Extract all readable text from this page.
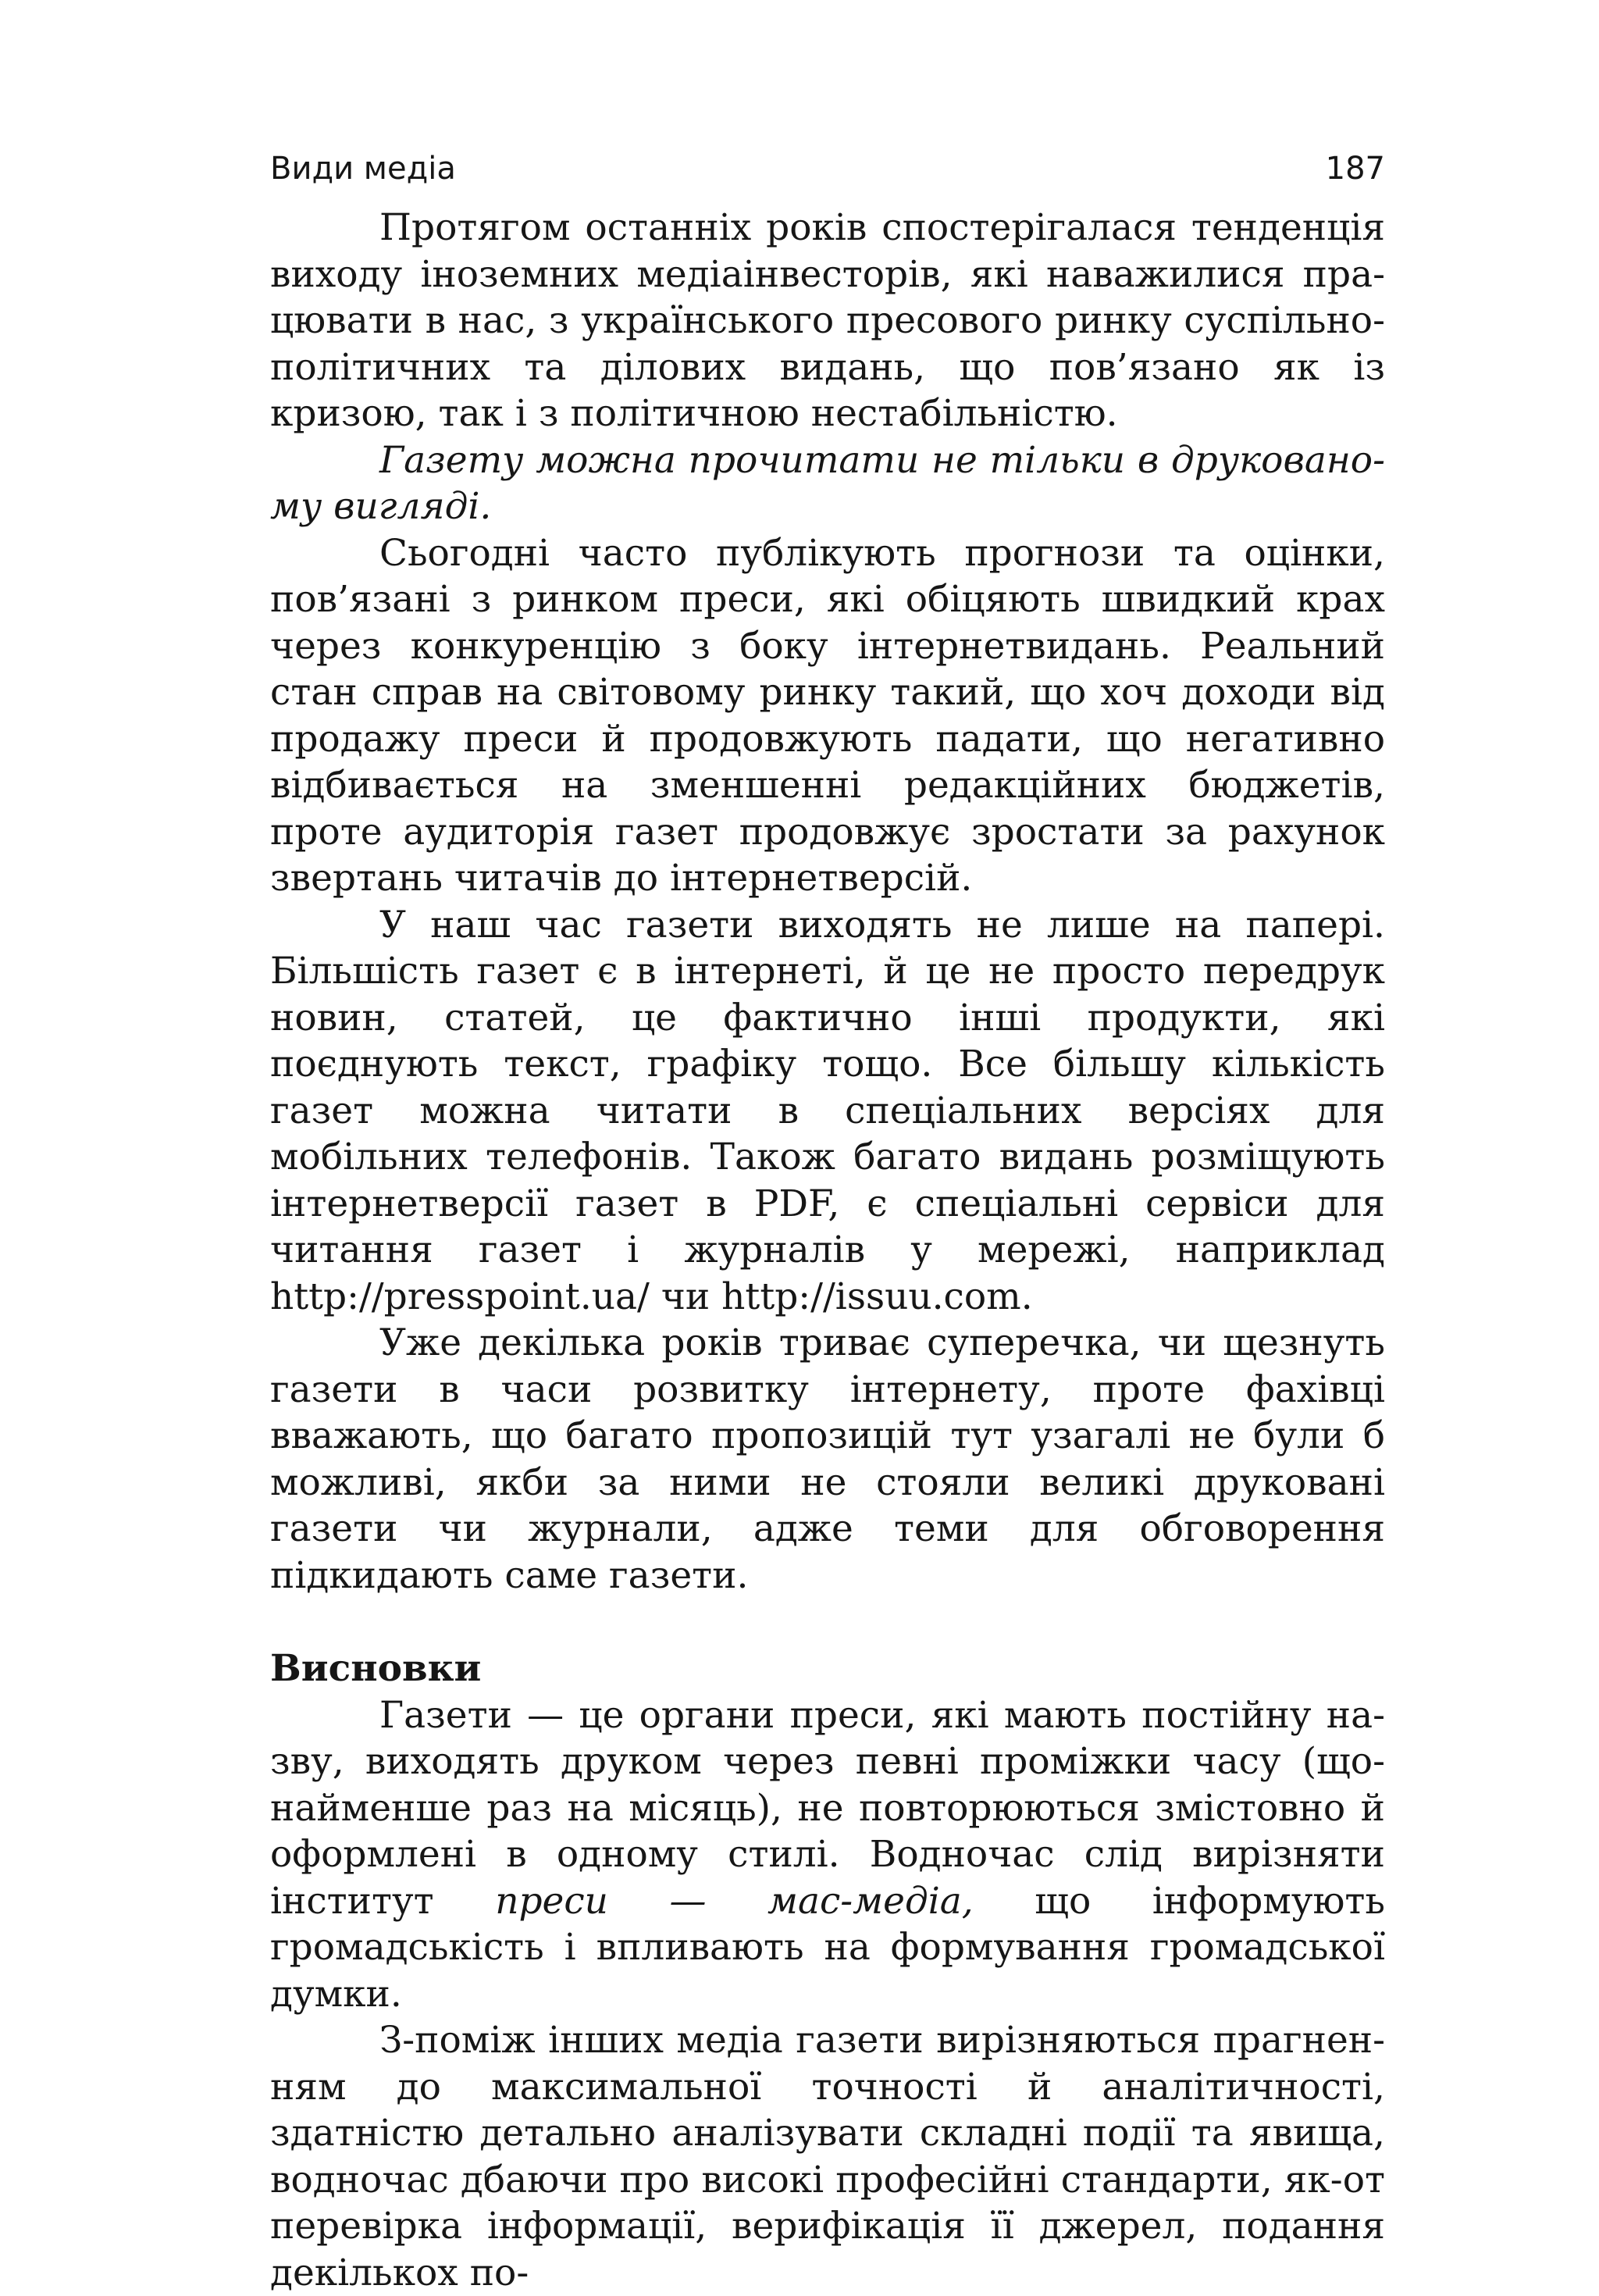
Види медіа	187

Протягом останніх років спостерігалася тенденція виходу іноземних медіаінвесторів, які наважилися працювати в нас, з українського пресового ринку суспільнополітичних та ділових видань, що пов’язано як із кризою, так і з політичною нестабільністю.

Газету можна прочитати не тільки в друкованому вигляді.

Сьогодні часто публікують прогнози та оцінки, пов’язані з ринком преси, які обіцяють швидкий крах через конкуренцію з боку інтернетвидань. Реальний стан справ на світовому ринку такий, що хоч доходи від продажу преси й продовжують падати, що негативно відбивається на зменшенні редакційних бюджетів, проте аудиторія газет продовжує зростати за рахунок звертань читачів до інтернетверсій.

У наш час газети виходять не лише на папері. Більшість газет є в інтернеті, й це не просто передрук новин, статей, це фактично інші продукти, які поєднують текст, графіку тощо. Все більшу кількість газет можна читати в спеціальних версіях для мобільних телефонів. Також багато видань розміщують інтернетверсії газет в PDF, є спеціальні сервіси для читання газет і журналів у мережі, наприклад http://presspoint.ua/ чи http://issuu.com.

Уже декілька років триває суперечка, чи щезнуть газети в часи розвитку інтернету, проте фахівці вважають, що багато пропозицій тут узагалі не були б можливі, якби за ними не стояли великі друковані газети чи журнали, адже теми для обговорення підкидають саме газети.

Висновки

Газети — це органи преси, які мають постійну назву, виходять друком через певні проміжки часу (щонайменше раз на місяць), не повторюються змістовно й оформлені в одному стилі. Водночас слід вирізняти інститут преси — мас-медіа, що інформують громадськість і впливають на формування громадської думки.

З-поміж інших медіа газети вирізняються прагненням до максимальної точності й аналітичності, здатністю детально аналізувати складні події та явища, водночас дбаючи про високі професійні стандарти, як-от перевірка інформації, верифікація її джерел, подання декількох по-
